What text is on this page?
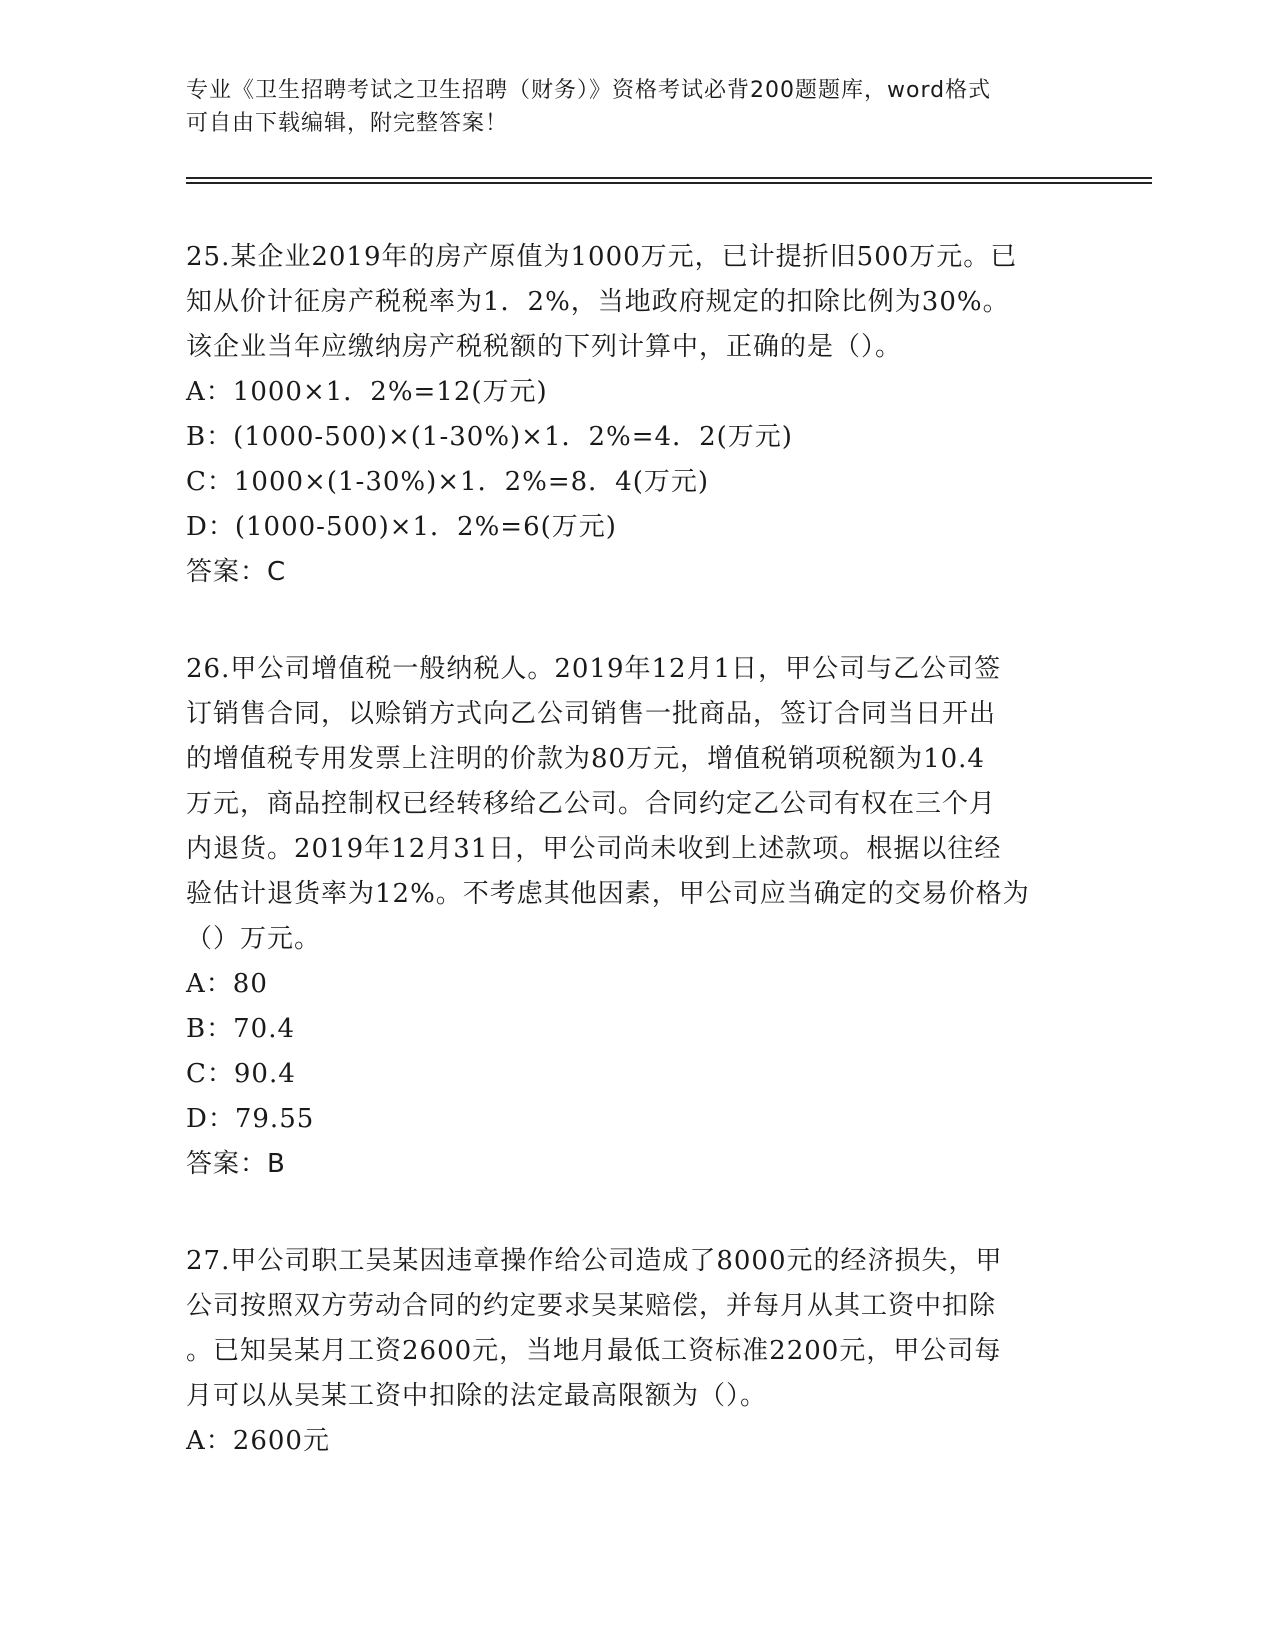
专业《卫生招聘考试之卫生招聘（财务）》资格考试必背200题题库，word格式
可自由下载编辑，附完整答案！

25.某企业2019年的房产原值为1000万元，已计提折旧500万元。已

知从价计征房产税税率为1．2%，当地政府规定的扣除比例为30%。

该企业当年应缴纳房产税税额的下列计算中，正确的是（）。

A：1000×1．2%=12(万元)

B：(1000-500)×(1-30%)×1．2%=4．2(万元)

C：1000×(1-30%)×1．2%=8．4(万元)

D：(1000-500)×1．2%=6(万元)

答案：C

26.甲公司增值税一般纳税人。2019年12月1日，甲公司与乙公司签

订销售合同，以赊销方式向乙公司销售一批商品，签订合同当日开出

的增值税专用发票上注明的价款为80万元，增值税销项税额为10.4

万元，商品控制权已经转移给乙公司。合同约定乙公司有权在三个月

内退货。2019年12月31日，甲公司尚未收到上述款项。根据以往经

验估计退货率为12%。不考虑其他因素，甲公司应当确定的交易价格为

（）万元。

A：80

B：70.4

C：90.4

D：79.55

答案：B

27.甲公司职工吴某因违章操作给公司造成了8000元的经济损失，甲

公司按照双方劳动合同的约定要求吴某赔偿，并每月从其工资中扣除

。已知吴某月工资2600元，当地月最低工资标准2200元，甲公司每

月可以从吴某工资中扣除的法定最高限额为（）。

A：2600元
